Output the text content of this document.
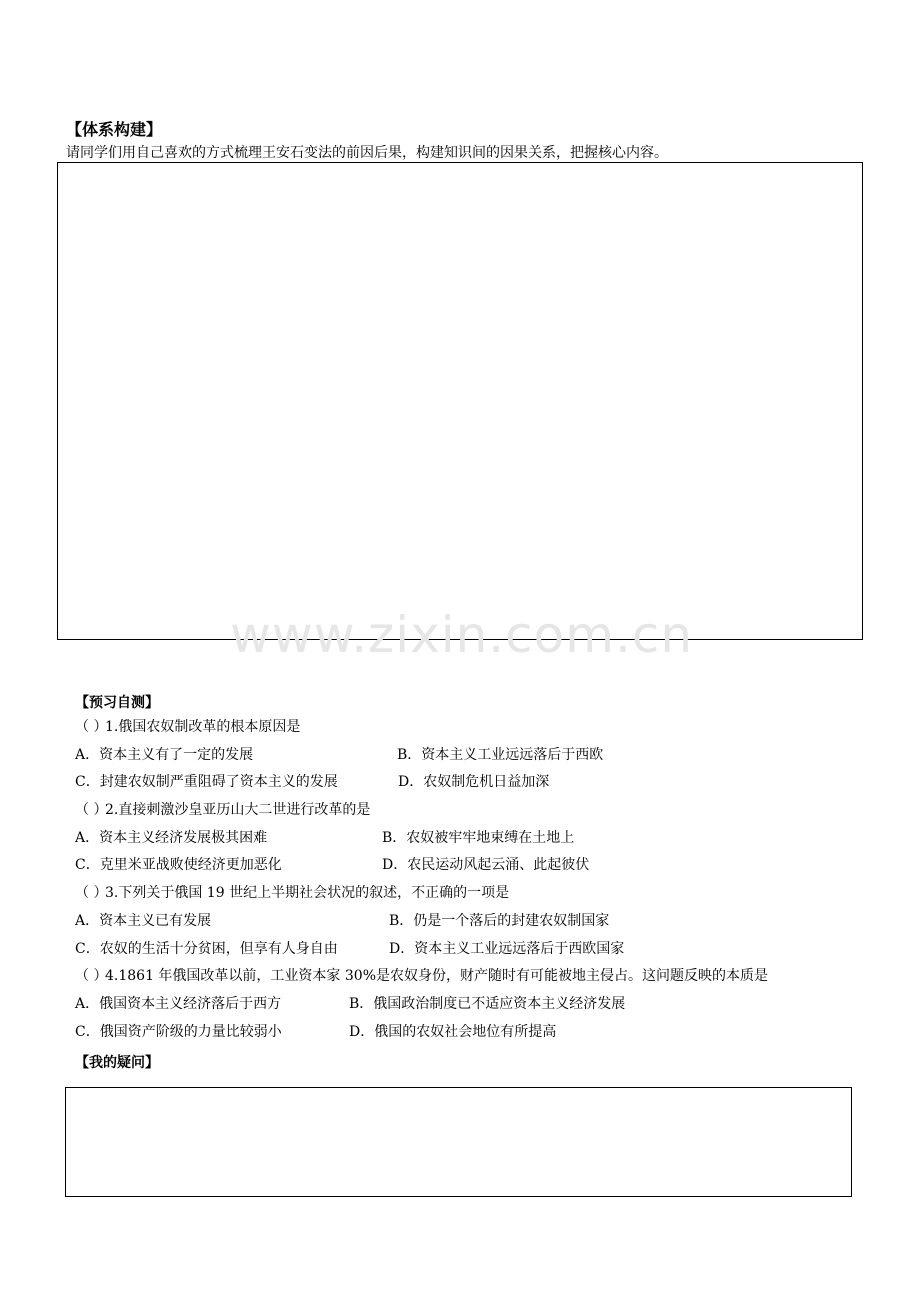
【体系构建】
请同学们用自己喜欢的方式梳理王安石变法的前因后果，构建知识间的因果关系，把握核心内容。
www.zixin.com.cn
【预习自测】
（ ）
1.俄国农奴制改革的根本原因是
A．资本主义有了一定的发展	B．资本主义工业远远落后于西欧
C．封建农奴制严重阻碍了资本主义的发展	D．农奴制危机日益加深
（ ）
2.直接刺激沙皇亚历山大二世进行改革的是
A．资本主义经济发展极其困难	B．农奴被牢牢地束缚在土地上
C．克里米亚战败使经济更加恶化	D．农民运动风起云涌、此起彼伏
（ ）
3.下列关于俄国 19 世纪上半期社会状况的叙述，不正确的一项是
A．资本主义已有发展	B．仍是一个落后的封建农奴制国家
C．农奴的生活十分贫困，但享有人身自由	D．资本主义工业远远落后于西欧国家
（ ）
4.1861 年俄国改革以前，工业资本家 30%是农奴身份，财产随时有可能被地主侵占。这问题反映的本质是
A．俄国资本主义经济落后于西方	B．俄国政治制度已不适应资本主义经济发展
C．俄国资产阶级的力量比较弱小	D．俄国的农奴社会地位有所提高
【我的疑问】
